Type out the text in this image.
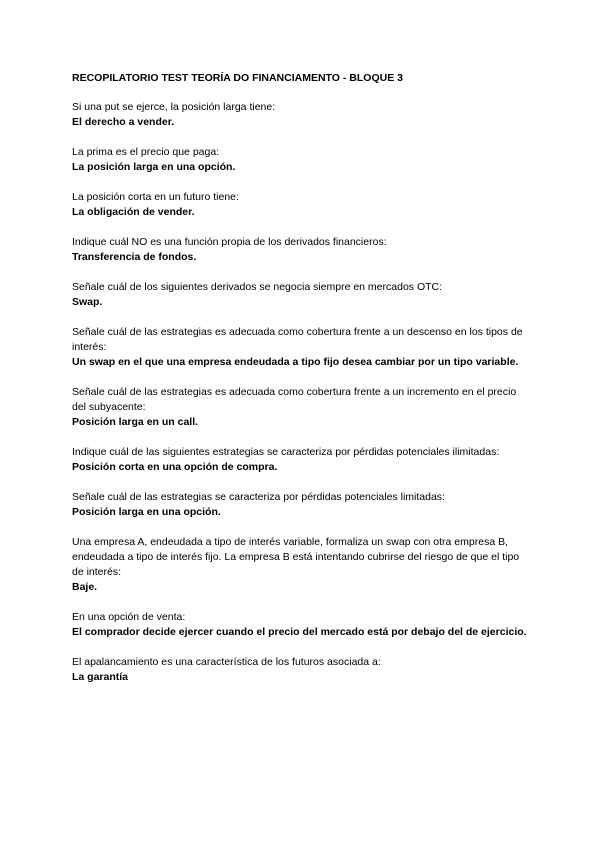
RECOPILATORIO TEST TEORÍA DO FINANCIAMENTO - BLOQUE 3

Si una put se ejerce, la posición larga tiene:

El derecho a vender.

La prima es el precio que paga:

La posición larga en una opción.

La posición corta en un futuro tiene:

La obligación de vender.

Indique cuál NO es una función propia de los derivados financieros:

Transferencia de fondos.

Señale cuál de los siguientes derivados se negocia siempre en mercados OTC:

Swap.

Señale cuál de las estrategias es adecuada como cobertura frente a un descenso en los tipos de interés:

Un swap en el que una empresa endeudada a tipo fijo desea cambiar por un tipo variable.

Señale cuál de las estrategias es adecuada como cobertura frente a un incremento en el precio del subyacente:

Posición larga en un call.

Indique cuál de las siguientes estrategias se caracteriza por pérdidas potenciales ilimitadas:

Posición corta en una opción de compra.

Señale cuál de las estrategias se caracteriza por pérdidas potenciales limitadas:

Posición larga en una opción.

Una empresa A, endeudada a tipo de interés variable, formaliza un swap con otra empresa B, endeudada a tipo de interés fijo. La empresa B está intentando cubrirse del riesgo de que el tipo de interés:

Baje.

En una opción de venta:

El comprador decide ejercer cuando el precio del mercado está por debajo del de ejercicio.

El apalancamiento es una característica de los futuros asociada a:

La garantía
